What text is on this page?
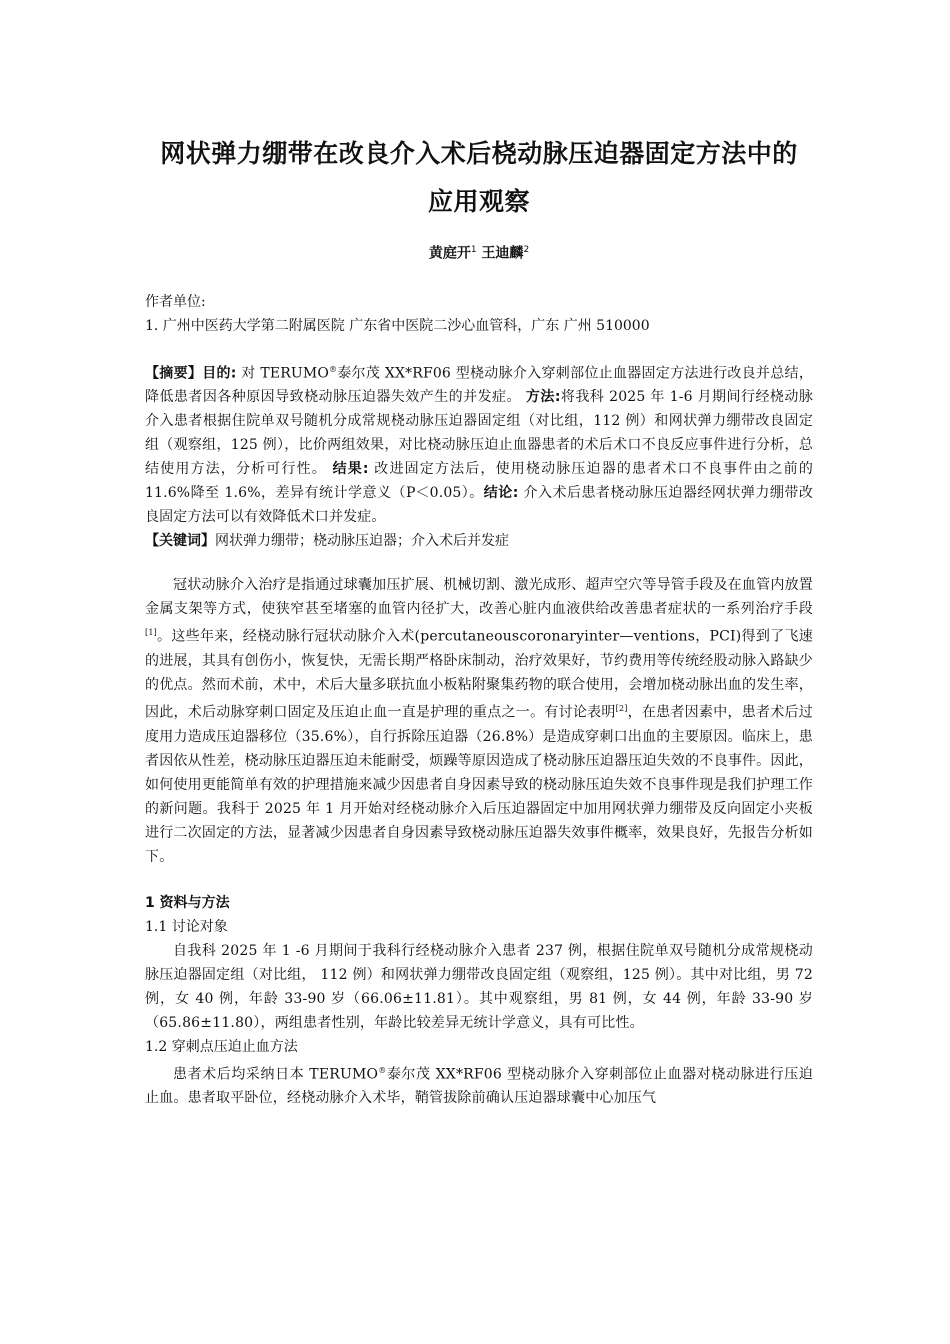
网状弹力绷带在改良介入术后桡动脉压迫器固定方法中的
应用观察
黄庭开$^1$ 王迪麟$^2$
作者单位:
1. 广州中医药大学第二附属医院 广东省中医院二沙心血管科，广东 广州 510000
【摘要】目的: 对 TERUMO®泰尔茂 XX*RF06 型桡动脉介入穿刺部位止血器固定方法进行改良并总结，降低患者因各种原因导致桡动脉压迫器失效产生的并发症。 方法:将我科 2025 年 1-6 月期间行经桡动脉介入患者根据住院单双号随机分成常规桡动脉压迫器固定组（对比组，112 例）和网状弹力绷带改良固定组（观察组，125 例），比价两组效果，对比桡动脉压迫止血器患者的术后术口不良反应事件进行分析，总结使用方法，分析可行性。 结果: 改进固定方法后，使用桡动脉压迫器的患者术口不良事件由之前的 11.6%降至 1.6%，差异有统计学意义（P＜0.05）。结论: 介入术后患者桡动脉压迫器经网状弹力绷带改良固定方法可以有效降低术口并发症。
【关键词】网状弹力绷带；桡动脉压迫器；介入术后并发症
冠状动脉介入治疗是指通过球囊加压扩展、机械切割、激光成形、超声空穴等导管手段及在血管内放置金属支架等方式，使狭窄甚至堵塞的血管内径扩大，改善心脏内血液供给改善患者症状的一系列治疗手段 [1]。这些年来，经桡动脉行冠状动脉介入术(percutaneouscoronaryinter—ventions，PCI)得到了飞速的进展，其具有创伤小，恢复快，无需长期严格卧床制动，治疗效果好，节约费用等传统经股动脉入路缺少的优点。然而术前，术中，术后大量多联抗血小板粘附聚集药物的联合使用，会增加桡动脉出血的发生率，因此，术后动脉穿刺口固定及压迫止血一直是护理的重点之一。有讨论表明[2]，在患者因素中，患者术后过度用力造成压迫器移位（35.6%），自行拆除压迫器（26.8%）是造成穿刺口出血的主要原因。临床上，患者因依从性差，桡动脉压迫器压迫未能耐受，烦躁等原因造成了桡动脉压迫器压迫失效的不良事件。因此，如何使用更能简单有效的护理措施来减少因患者自身因素导致的桡动脉压迫失效不良事件现是我们护理工作的新问题。我科于 2025 年 1 月开始对经桡动脉介入后压迫器固定中加用网状弹力绷带及反向固定小夹板进行二次固定的方法，显著减少因患者自身因素导致桡动脉压迫器失效事件概率，效果良好，先报告分析如下。
1 资料与方法
1.1 讨论对象
自我科 2025 年 1 -6 月期间于我科行经桡动脉介入患者 237 例，根据住院单双号随机分成常规桡动脉压迫器固定组（对比组， 112 例）和网状弹力绷带改良固定组（观察组，125 例）。其中对比组，男 72 例，女 40 例，年龄 33-90 岁（66.06±11.81）。其中观察组，男 81 例，女 44 例，年龄 33-90 岁（65.86±11.80），两组患者性别，年龄比较差异无统计学意义，具有可比性。
1.2 穿刺点压迫止血方法
患者术后均采纳日本 TERUMO®泰尔茂 XX*RF06 型桡动脉介入穿刺部位止血器对桡动脉进行压迫止血。患者取平卧位，经桡动脉介入术毕，鞘管拔除前确认压迫器球囊中心加压气
